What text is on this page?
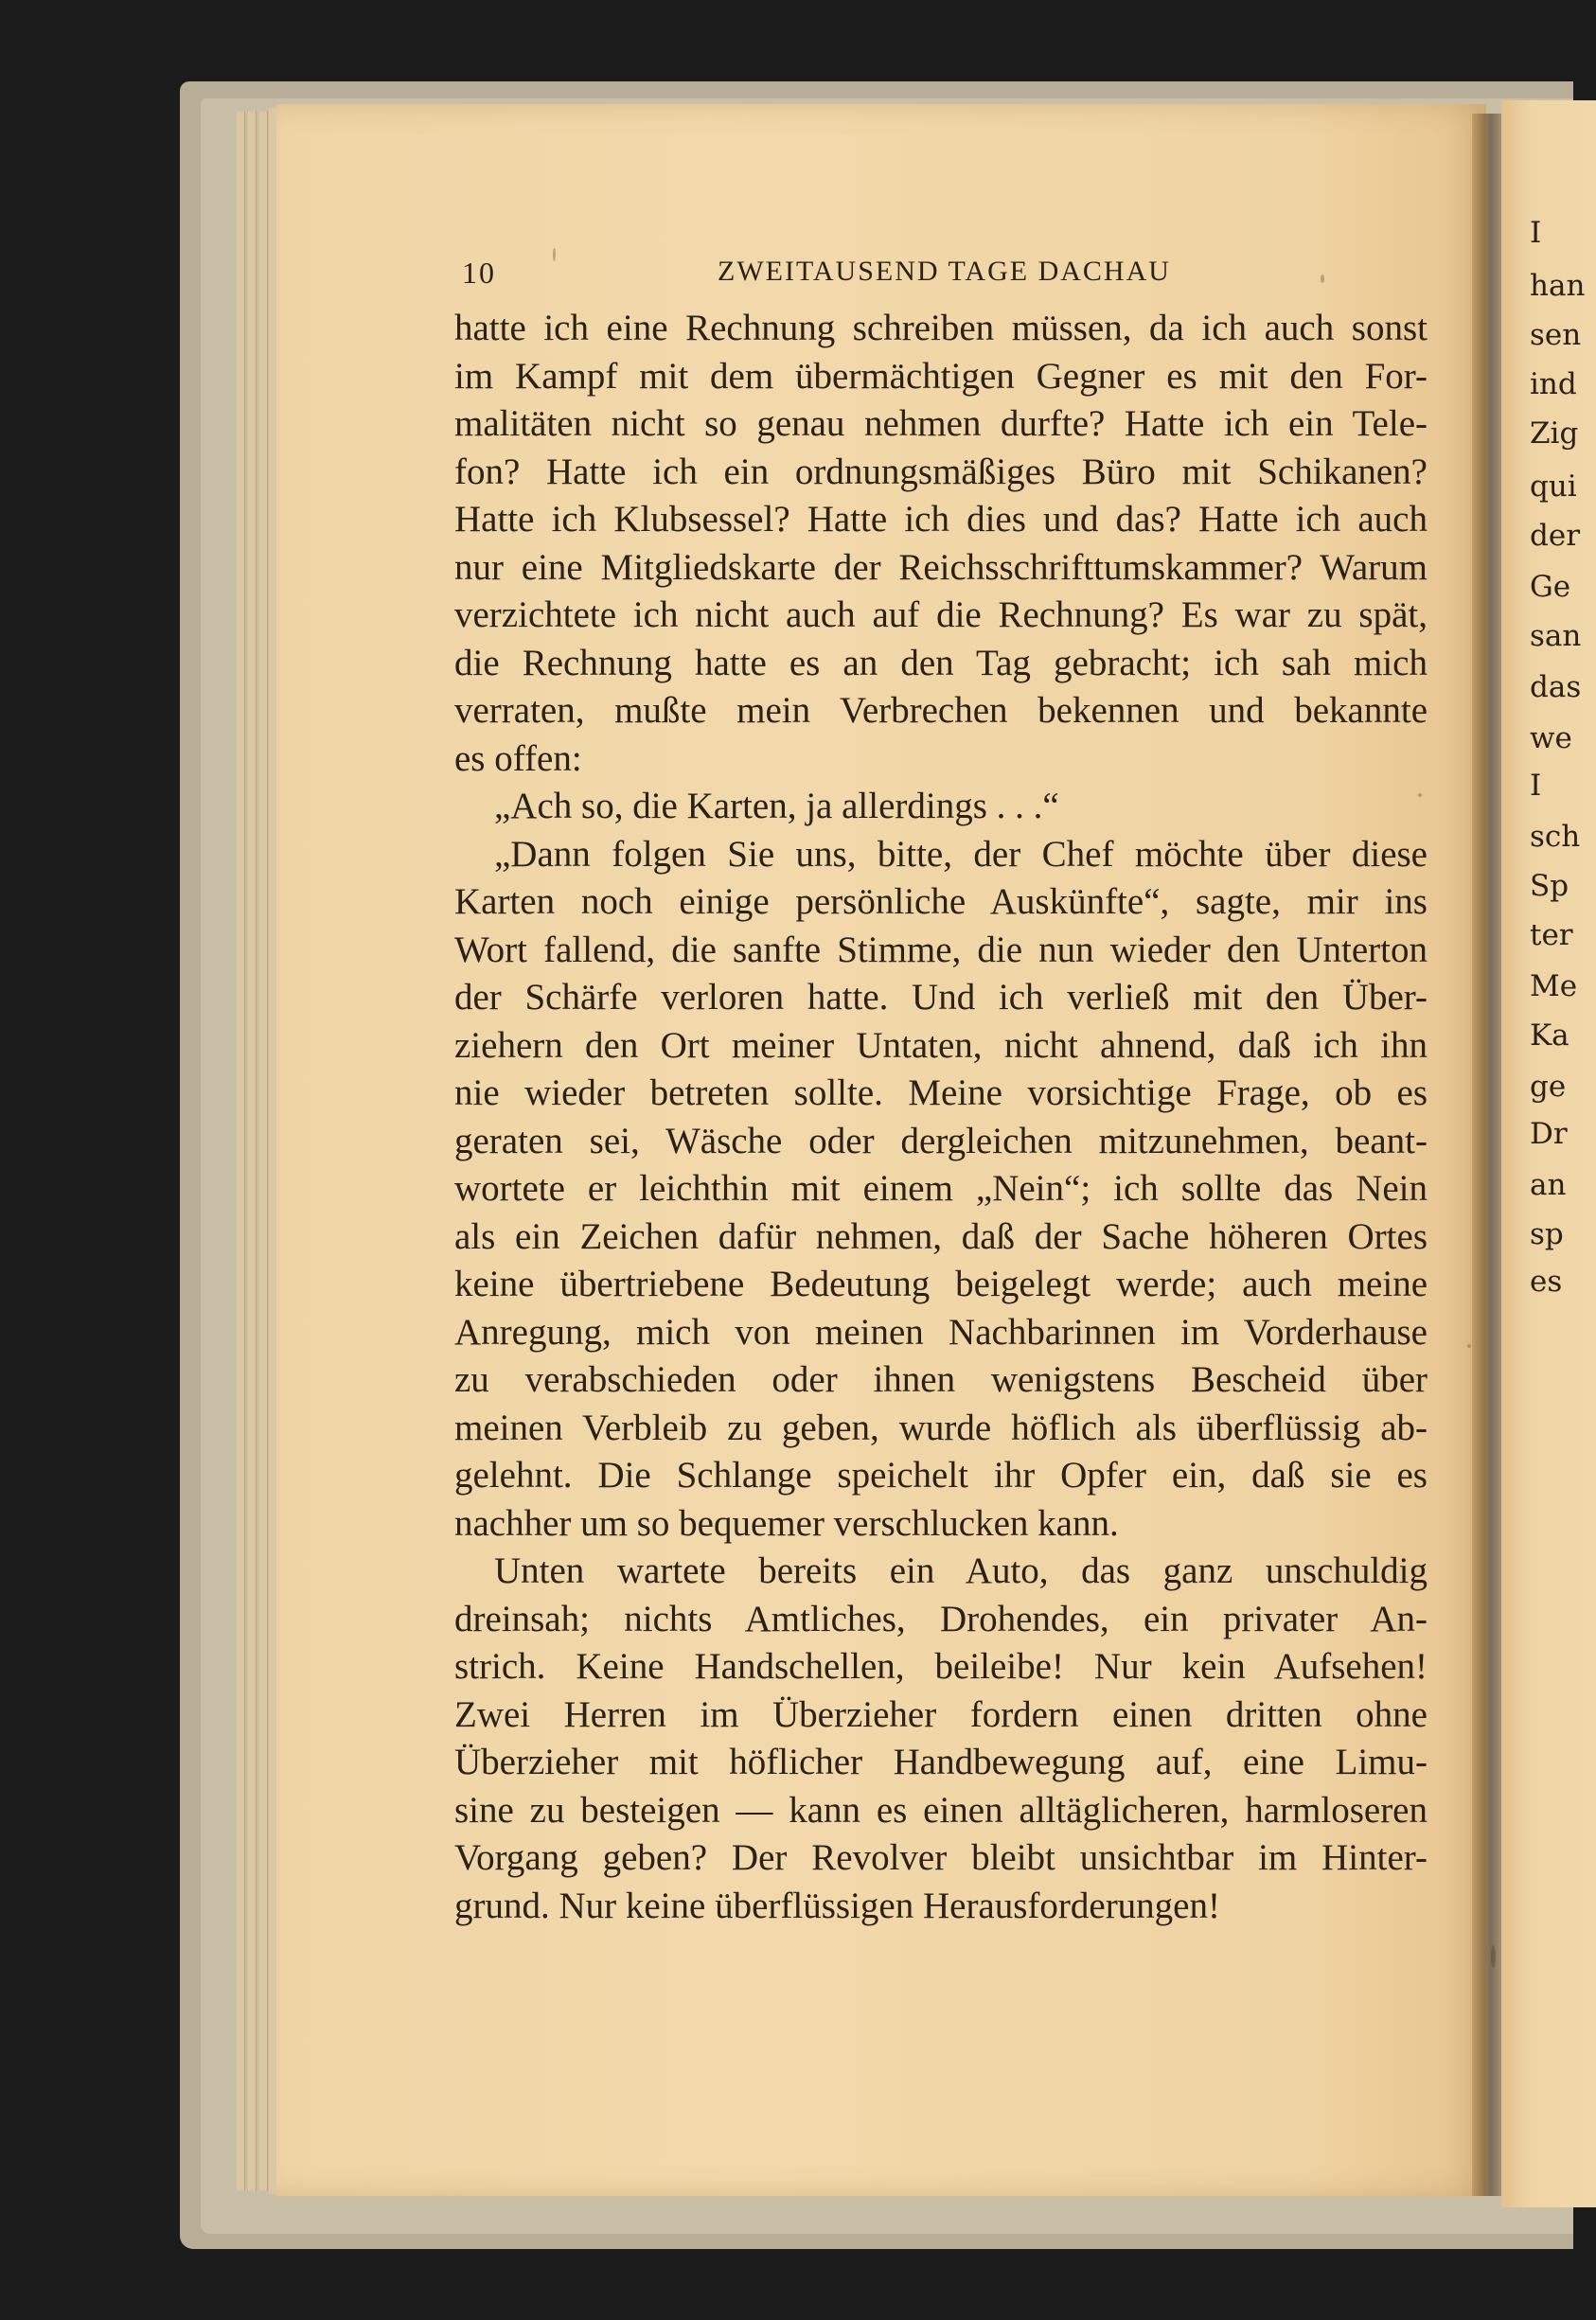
10	ZWEITAUSEND TAGE DACHAU
hatte ich eine Rechnung schreiben müssen, da ich auch sonst
im Kampf mit dem übermächtigen Gegner es mit den For-
malitäten nicht so genau nehmen durfte? Hatte ich ein Tele-
fon? Hatte ich ein ordnungsmäßiges Büro mit Schikanen?
Hatte ich Klubsessel? Hatte ich dies und das? Hatte ich auch
nur eine Mitgliedskarte der Reichsschrifttumskammer? Warum
verzichtete ich nicht auch auf die Rechnung? Es war zu spät,
die Rechnung hatte es an den Tag gebracht; ich sah mich
verraten, mußte mein Verbrechen bekennen und bekannte
es offen:
„Ach so, die Karten, ja allerdings . . .“
„Dann folgen Sie uns, bitte, der Chef möchte über diese
Karten noch einige persönliche Auskünfte“, sagte, mir ins
Wort fallend, die sanfte Stimme, die nun wieder den Unterton
der Schärfe verloren hatte. Und ich verließ mit den Über-
ziehern den Ort meiner Untaten, nicht ahnend, daß ich ihn
nie wieder betreten sollte. Meine vorsichtige Frage, ob es
geraten sei, Wäsche oder dergleichen mitzunehmen, beant-
wortete er leichthin mit einem „Nein“; ich sollte das Nein
als ein Zeichen dafür nehmen, daß der Sache höheren Ortes
keine übertriebene Bedeutung beigelegt werde; auch meine
Anregung, mich von meinen Nachbarinnen im Vorderhause
zu verabschieden oder ihnen wenigstens Bescheid über
meinen Verbleib zu geben, wurde höflich als überflüssig ab-
gelehnt. Die Schlange speichelt ihr Opfer ein, daß sie es
nachher um so bequemer verschlucken kann.
Unten wartete bereits ein Auto, das ganz unschuldig
dreinsah; nichts Amtliches, Drohendes, ein privater An-
strich. Keine Handschellen, beileibe! Nur kein Aufsehen!
Zwei Herren im Überzieher fordern einen dritten ohne
Überzieher mit höflicher Handbewegung auf, eine Limu-
sine zu besteigen — kann es einen alltäglicheren, harmloseren
Vorgang geben? Der Revolver bleibt unsichtbar im Hinter-
grund. Nur keine überflüssigen Herausforderungen!
I
han
sen
ind
Zig
qui
der
Ge
san
das
we
I
sch
Sp
ter
Me
Ka
ge
Dr
an
sp
es
